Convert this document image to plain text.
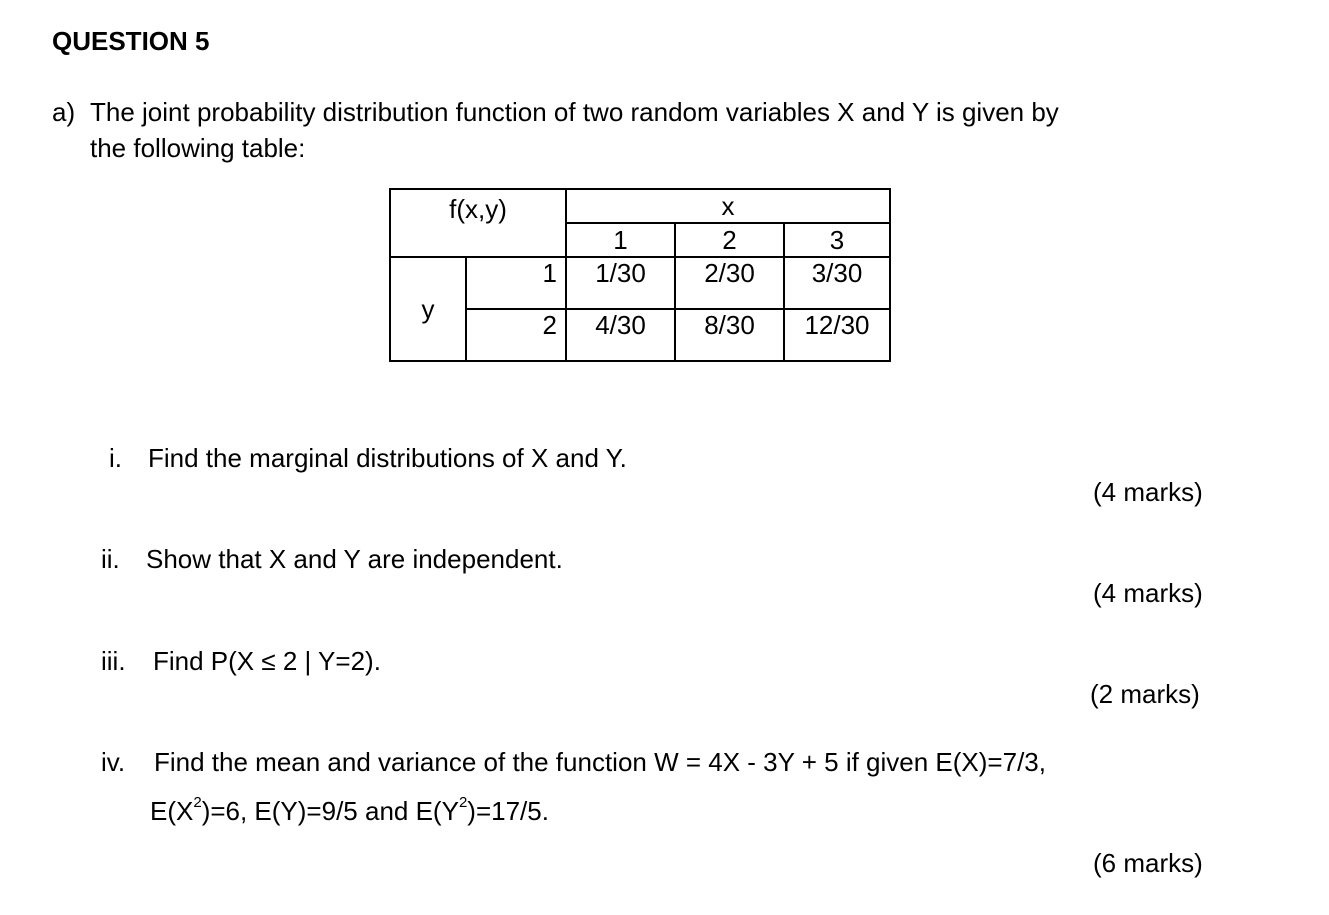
QUESTION 5
a) The joint probability distribution function of two random variables X and Y is given by
the following table:
f(x,y)		x		
		1	2	3
y	1	1/30	2/30	3/30
	2	4/30	8/30	12/30
i. Find the marginal distributions of X and Y.
(4 marks)
ii. Show that X and Y are independent.
(4 marks)
iii. Find P(X ≤ 2 | Y=2).
(2 marks)
iv. Find the mean and variance of the function W = 4X - 3Y + 5 if given E(X)=7/3,
$E(X^2)=6$, E(Y)=9/5 and $E(Y^2)=17/5$.
(6 marks)
